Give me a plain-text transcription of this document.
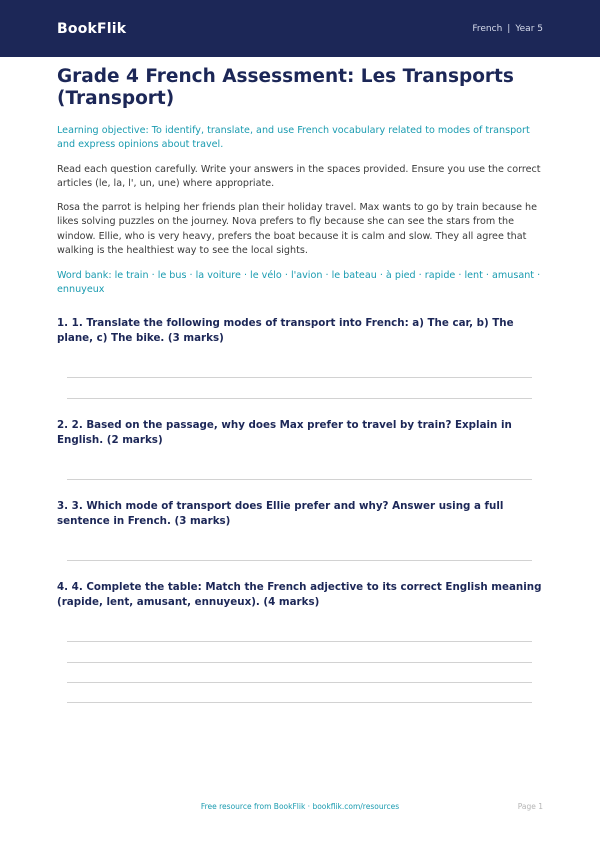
BookFlik	French | Year 5
Grade 4 French Assessment: Les Transports (Transport)

Learning objective: To identify, translate, and use French vocabulary related to modes of transport and express opinions about travel.

Read each question carefully. Write your answers in the spaces provided. Ensure you use the correct articles (le, la, l', un, une) where appropriate.

Rosa the parrot is helping her friends plan their holiday travel. Max wants to go by train because he likes solving puzzles on the journey. Nova prefers to fly because she can see the stars from the window. Ellie, who is very heavy, prefers the boat because it is calm and slow. They all agree that walking is the healthiest way to see the local sights.

Word bank: le train · le bus · la voiture · le vélo · l'avion · le bateau · à pied · rapide · lent · amusant · ennuyeux

1. 1. Translate the following modes of transport into French: a) The car, b) The plane, c) The bike. (3 marks)

2. 2. Based on the passage, why does Max prefer to travel by train? Explain in English. (2 marks)

3. 3. Which mode of transport does Ellie prefer and why? Answer using a full sentence in French. (3 marks)

4. 4. Complete the table: Match the French adjective to its correct English meaning (rapide, lent, amusant, ennuyeux). (4 marks)

Free resource from BookFlik · bookflik.com/resources	Page 1
